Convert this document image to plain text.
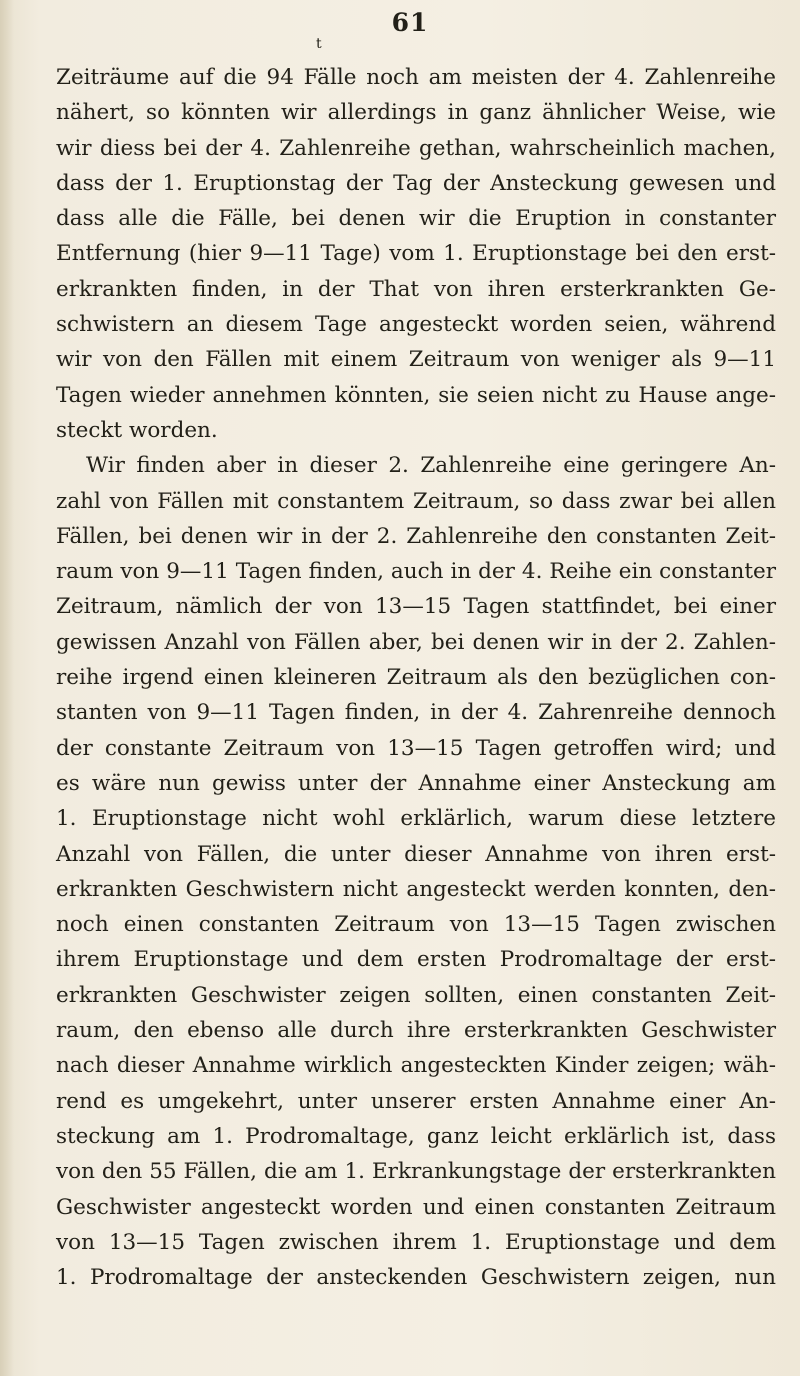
61
t
Zeiträume auf die 94 Fälle noch am meisten der 4. Zahlenreihe
nähert, so könnten wir allerdings in ganz ähnlicher Weise, wie
wir diess bei der 4. Zahlenreihe gethan, wahrscheinlich machen,
dass der 1. Eruptionstag der Tag der Ansteckung gewesen und
dass alle die Fälle, bei denen wir die Eruption in constanter
Entfernung (hier 9—11 Tage) vom 1. Eruptionstage bei den erst-
erkrankten finden, in der That von ihren ersterkrankten Ge-
schwistern an diesem Tage angesteckt worden seien, während
wir von den Fällen mit einem Zeitraum von weniger als 9—11
Tagen wieder annehmen könnten, sie seien nicht zu Hause ange-
steckt worden.
Wir finden aber in dieser 2. Zahlenreihe eine geringere An-
zahl von Fällen mit constantem Zeitraum, so dass zwar bei allen
Fällen, bei denen wir in der 2. Zahlenreihe den constanten Zeit-
raum von 9—11 Tagen finden, auch in der 4. Reihe ein constanter
Zeitraum, nämlich der von 13—15 Tagen stattfindet, bei einer
gewissen Anzahl von Fällen aber, bei denen wir in der 2. Zahlen-
reihe irgend einen kleineren Zeitraum als den bezüglichen con-
stanten von 9—11 Tagen finden, in der 4. Zahrenreihe dennoch
der constante Zeitraum von 13—15 Tagen getroffen wird; und
es wäre nun gewiss unter der Annahme einer Ansteckung am
1. Eruptionstage nicht wohl erklärlich, warum diese letztere
Anzahl von Fällen, die unter dieser Annahme von ihren erst-
erkrankten Geschwistern nicht angesteckt werden konnten, den-
noch einen constanten Zeitraum von 13—15 Tagen zwischen
ihrem Eruptionstage und dem ersten Prodromaltage der erst-
erkrankten Geschwister zeigen sollten, einen constanten Zeit-
raum, den ebenso alle durch ihre ersterkrankten Geschwister
nach dieser Annahme wirklich angesteckten Kinder zeigen; wäh-
rend es umgekehrt, unter unserer ersten Annahme einer An-
steckung am 1. Prodromaltage, ganz leicht erklärlich ist, dass
von den 55 Fällen, die am 1. Erkrankungstage der ersterkrankten
Geschwister angesteckt worden und einen constanten Zeitraum
von 13—15 Tagen zwischen ihrem 1. Eruptionstage und dem
1. Prodromaltage der ansteckenden Geschwistern zeigen, nun
